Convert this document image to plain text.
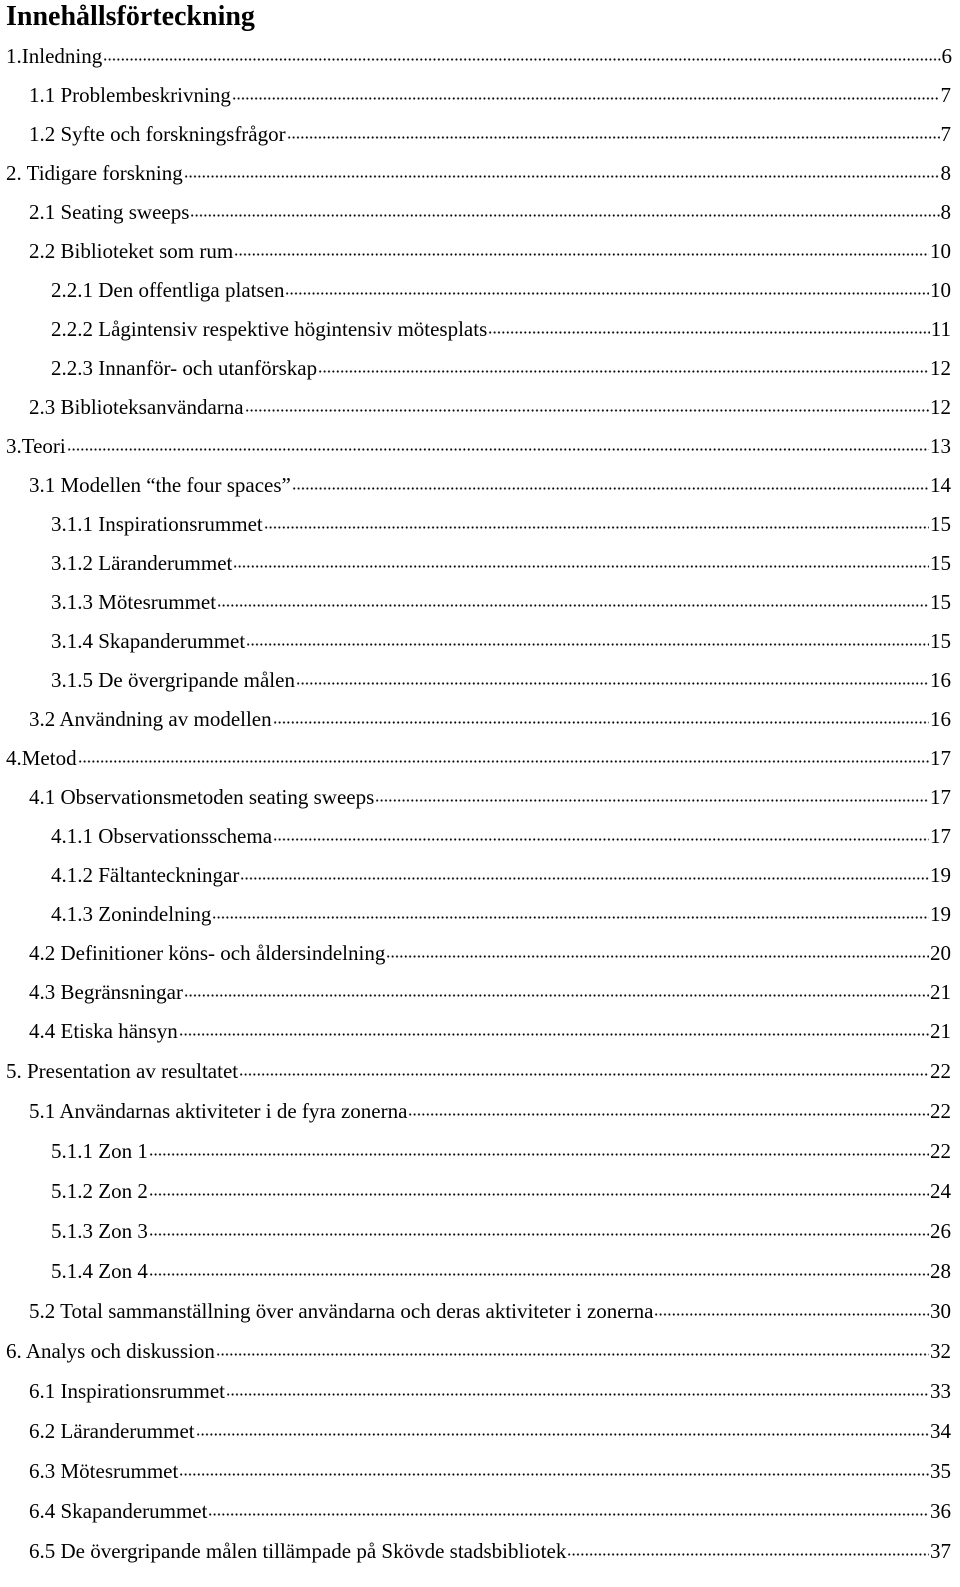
Innehållsförteckning
1.Inledning	6
1.1 Problembeskrivning	7
1.2 Syfte och forskningsfrågor	7
2. Tidigare forskning	8
2.1 Seating sweeps	8
2.2 Biblioteket som rum	10
2.2.1 Den offentliga platsen	10
2.2.2 Lågintensiv respektive högintensiv mötesplats	11
2.2.3 Innanför- och utanförskap	12
2.3 Biblioteksanvändarna	12
3.Teori	13
3.1 Modellen “the four spaces”	14
3.1.1 Inspirationsrummet	15
3.1.2 Läranderummet	15
3.1.3 Mötesrummet	15
3.1.4 Skapanderummet	15
3.1.5 De övergripande målen	16
3.2 Användning av modellen	16
4.Metod	17
4.1 Observationsmetoden seating sweeps	17
4.1.1 Observationsschema	17
4.1.2 Fältanteckningar	19
4.1.3 Zonindelning	19
4.2 Definitioner köns- och åldersindelning	20
4.3 Begränsningar	21
4.4 Etiska hänsyn	21
5. Presentation av resultatet	22
5.1 Användarnas aktiviteter i de fyra zonerna	22
5.1.1 Zon 1	22
5.1.2 Zon 2	24
5.1.3 Zon 3	26
5.1.4 Zon 4	28
5.2 Total sammanställning över användarna och deras aktiviteter i zonerna	30
6. Analys och diskussion	32
6.1 Inspirationsrummet	33
6.2 Läranderummet	34
6.3 Mötesrummet	35
6.4 Skapanderummet	36
6.5 De övergripande målen tillämpade på Skövde stadsbibliotek	37
